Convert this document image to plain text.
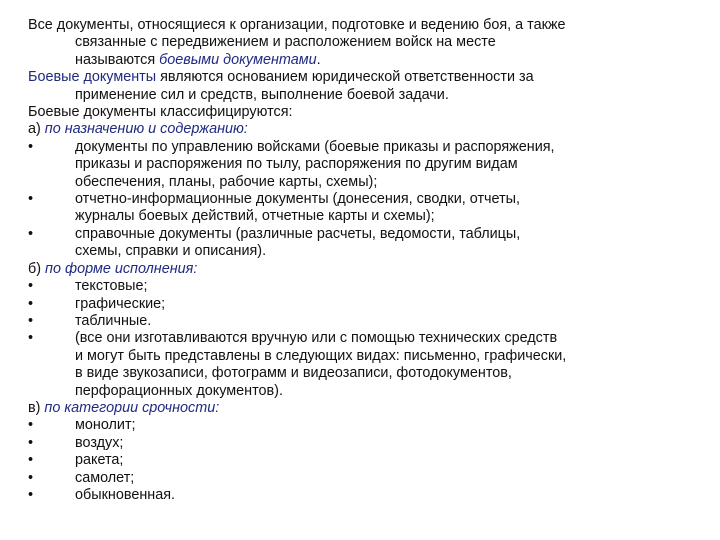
Все документы, относящиеся к организации, подготовке и ведению боя, а также

связанные с передвижением и расположением войск на месте

называются боевыми документами.

Боевые документы являются основанием юридической ответственности за

применение сил и средств, выполнение боевой задачи.

Боевые документы классифицируются:

а) по назначению и содержанию:

•	документы по управлению войсками (боевые приказы и распоряжения,
приказы и распоряжения по тылу, распоряжения по другим видам
обеспечения, планы, рабочие карты, схемы);
•	отчетно-информационные документы (донесения, сводки, отчеты,
журналы боевых действий, отчетные карты и схемы);
•	справочные документы (различные расчеты, ведомости, таблицы,
схемы, справки и описания).

б) по форме исполнения:

•	текстовые;
•	графические;
•	табличные.
•	(все они изготавливаются вручную или с помощью технических средств
и могут быть представлены в следующих видах: письменно, графически,
в виде звукозаписи, фотограмм и видеозаписи, фотодокументов,
перфорационных документов).

в) по категории срочности:

•	монолит;
•	воздух;
•	ракета;
•	самолет;
•	обыкновенная.
